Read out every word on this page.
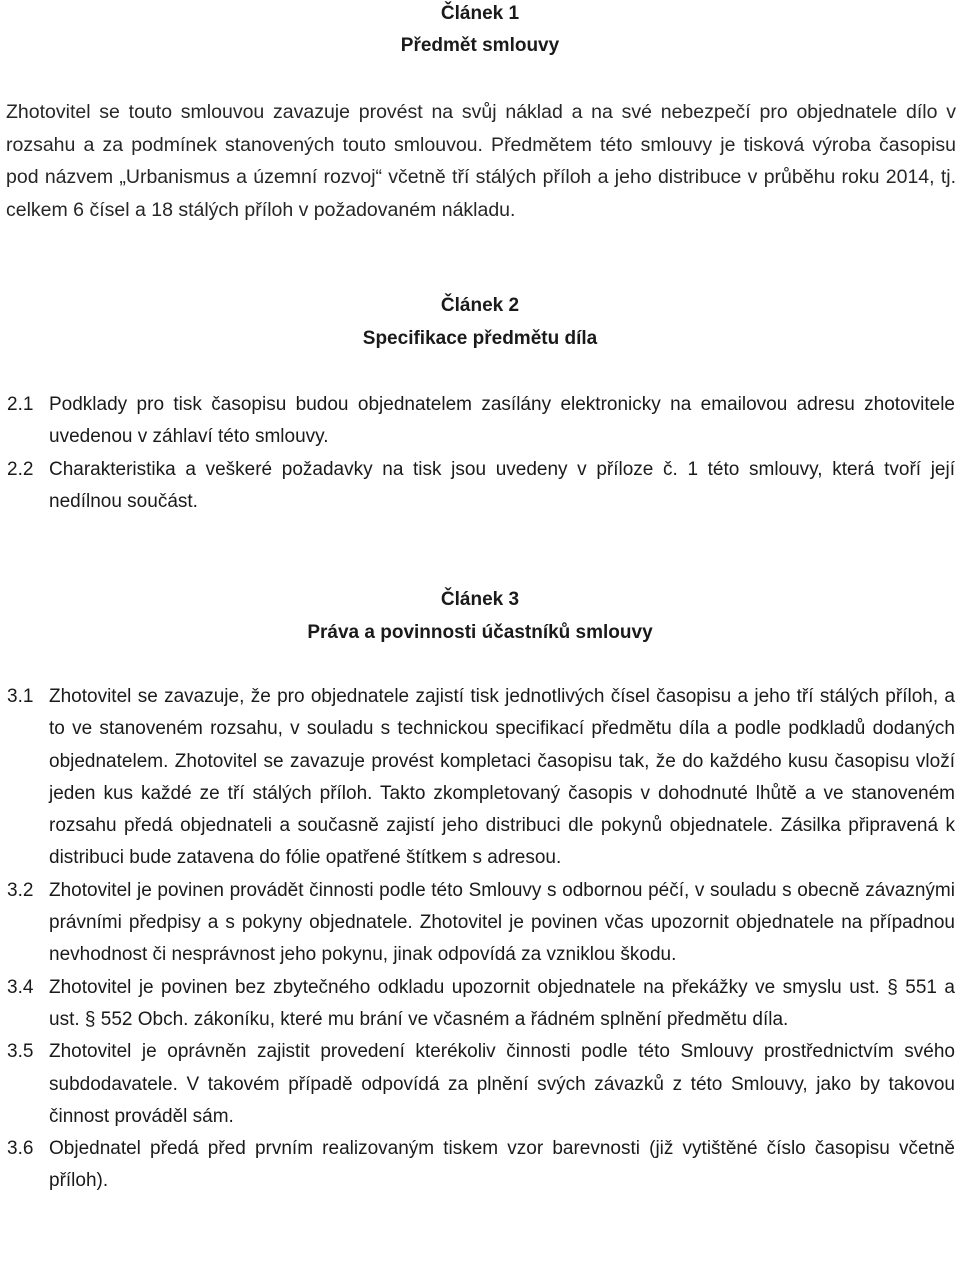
Článek 1

Předmět smlouvy

Zhotovitel se touto smlouvou zavazuje provést na svůj náklad a na své nebezpečí pro objednatele dílo v rozsahu a za podmínek stanovených touto smlouvou. Předmětem této smlouvy je tisková výroba časopisu pod názvem „Urbanismus a územní rozvoj“ včetně tří stálých příloh a jeho distribuce v průběhu roku 2014, tj. celkem 6 čísel a 18 stálých příloh v požadovaném nákladu.

Článek 2

Specifikace předmětu díla

2.1 Podklady pro tisk časopisu budou objednatelem zasílány elektronicky na emailovou adresu zhotovitele uvedenou v záhlaví této smlouvy.
2.2 Charakteristika a veškeré požadavky na tisk jsou uvedeny v příloze č. 1 této smlouvy, která tvoří její nedílnou součást.

Článek 3

Práva a povinnosti účastníků smlouvy

3.1 Zhotovitel se zavazuje, že pro objednatele zajistí tisk jednotlivých čísel časopisu a jeho tří stálých příloh, a to ve stanoveném rozsahu, v souladu s technickou specifikací předmětu díla a podle podkladů dodaných objednatelem. Zhotovitel se zavazuje provést kompletaci časopisu tak, že do každého kusu časopisu vloží jeden kus každé ze tří stálých příloh. Takto zkompletovaný časopis v dohodnuté lhůtě a ve stanoveném rozsahu předá objednateli a současně zajistí jeho distribuci dle pokynů objednatele. Zásilka připravená k distribuci bude zatavena do fólie opatřené štítkem s adresou.
3.2 Zhotovitel je povinen provádět činnosti podle této Smlouvy s odbornou péčí, v souladu s obecně závaznými právními předpisy a s pokyny objednatele. Zhotovitel je povinen včas upozornit objednatele na případnou nevhodnost či nesprávnost jeho pokynu, jinak odpovídá za vzniklou škodu.
3.4 Zhotovitel je povinen bez zbytečného odkladu upozornit objednatele na překážky ve smyslu ust. § 551 a ust. § 552 Obch. zákoníku, které mu brání ve včasném a řádném splnění předmětu díla.
3.5 Zhotovitel je oprávněn zajistit provedení kterékoliv činnosti podle této Smlouvy prostřednictvím svého subdodavatele. V takovém případě odpovídá za plnění svých závazků z této Smlouvy, jako by takovou činnost prováděl sám.
3.6 Objednatel předá před prvním realizovaným tiskem vzor barevnosti (již vytištěné číslo časopisu včetně příloh).
